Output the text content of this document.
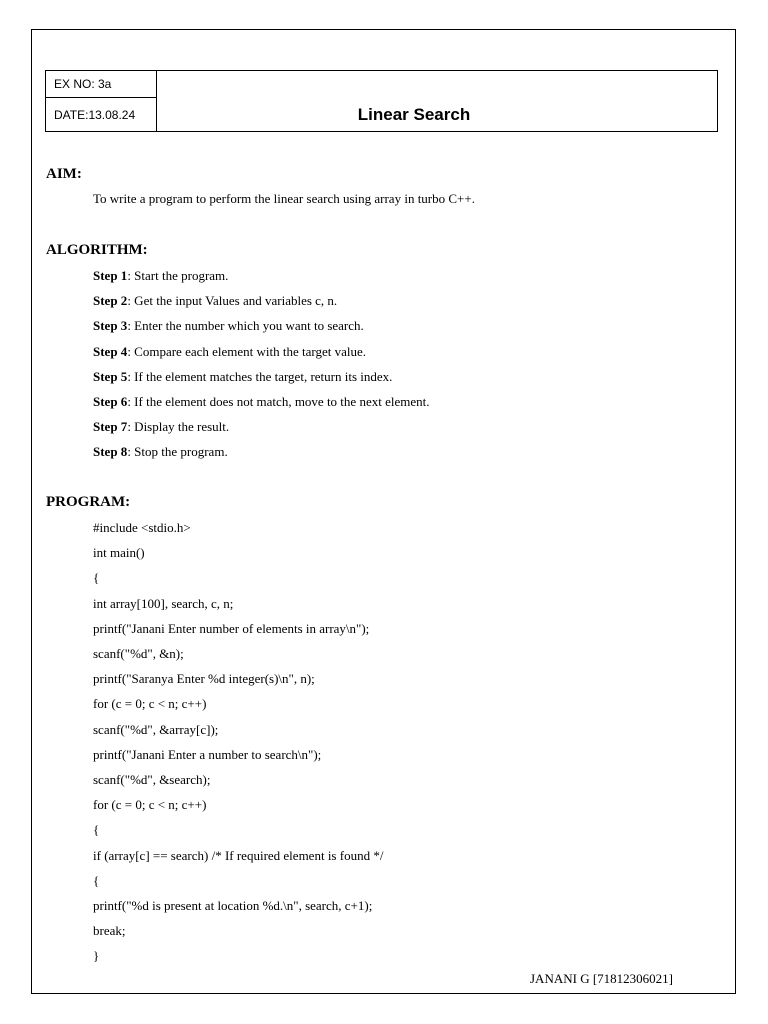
EX NO: 3a
DATE:13.08.24	Linear Search
AIM:
To write a program to perform the linear search using array in turbo C++.
ALGORITHM:
Step 1: Start the program.
Step 2: Get the input Values and variables c, n.
Step 3: Enter the number which you want to search.
Step 4: Compare each element with the target value.
Step 5: If the element matches the target, return its index.
Step 6: If the element does not match, move to the next element.
Step 7: Display the result.
Step 8: Stop the program.
PROGRAM:
#include <stdio.h>
int main()
{
int array[100], search, c, n;
printf("Janani Enter number of elements in array\n");
scanf("%d", &n);
printf("Saranya Enter %d integer(s)\n", n);
for (c = 0; c < n; c++)
scanf("%d", &array[c]);
printf("Janani Enter a number to search\n");
scanf("%d", &search);
for (c = 0; c < n; c++)
{
if (array[c] == search) /* If required element is found */
{
printf("%d is present at location %d.\n", search, c+1);
break;
}
JANANI G [71812306021]
